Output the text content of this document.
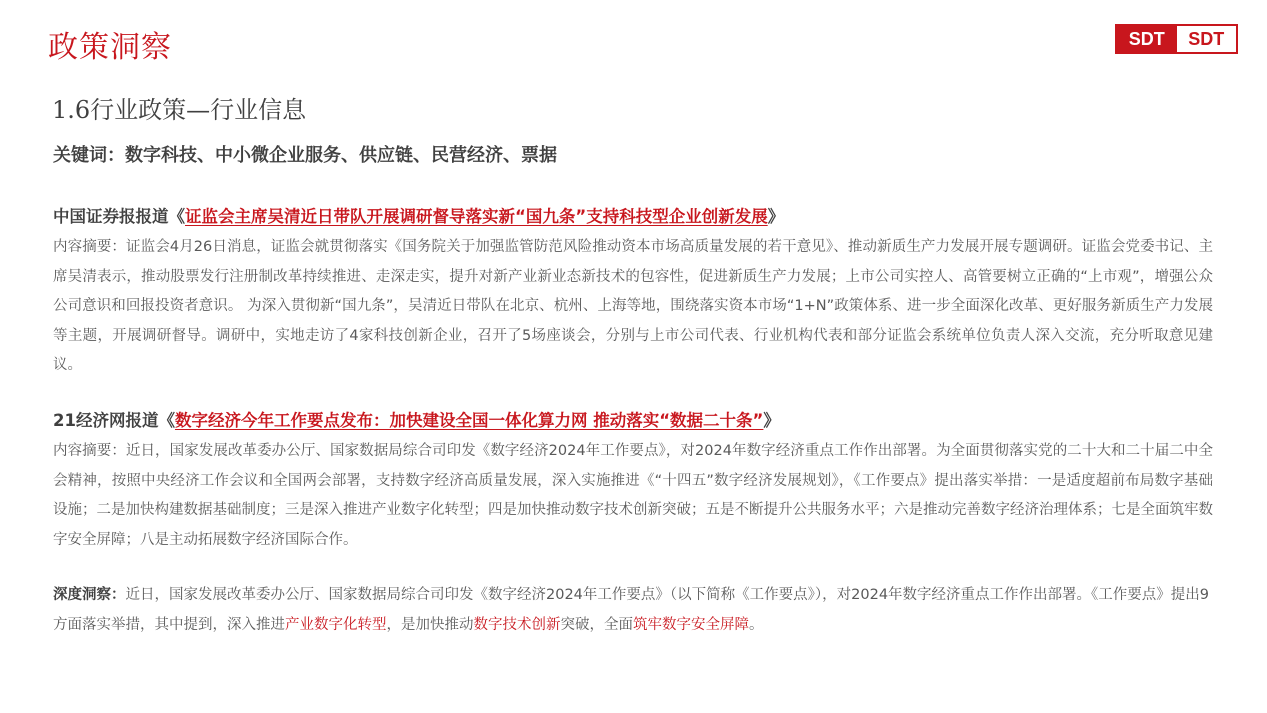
政策洞察	SDT	SDT
1.6行业政策—行业信息
关键词：数字科技、中小微企业服务、供应链、民营经济、票据
中国证券报报道《证监会主席吴清近日带队开展调研督导落实新“国九条”支持科技型企业创新发展》
内容摘要：证监会4月26日消息，证监会就贯彻落实《国务院关于加强监管防范风险推动资本市场高质量发展的若干意见》、推动新质生产力发展开展专题调研。证监会党委书记、主席吴清表示，推动股票发行注册制改革持续推进、走深走实，提升对新产业新业态新技术的包容性，促进新质生产力发展；上市公司实控人、高管要树立正确的“上市观”，增强公众公司意识和回报投资者意识。 为深入贯彻新“国九条”，吴清近日带队在北京、杭州、上海等地，围绕落实资本市场“1+N”政策体系、进一步全面深化改革、更好服务新质生产力发展等主题，开展调研督导。调研中，实地走访了4家科技创新企业，召开了5场座谈会，分别与上市公司代表、行业机构代表和部分证监会系统单位负责人深入交流，充分听取意见建议。
21经济网报道《数字经济今年工作要点发布：加快建设全国一体化算力网 推动落实“数据二十条”》
内容摘要：近日，国家发展改革委办公厅、国家数据局综合司印发《数字经济2024年工作要点》，对2024年数字经济重点工作作出部署。为全面贯彻落实党的二十大和二十届二中全会精神，按照中央经济工作会议和全国两会部署，支持数字经济高质量发展，深入实施推进《“十四五”数字经济发展规划》，《工作要点》提出落实举措：一是适度超前布局数字基础设施；二是加快构建数据基础制度；三是深入推进产业数字化转型；四是加快推动数字技术创新突破；五是不断提升公共服务水平；六是推动完善数字经济治理体系；七是全面筑牢数字安全屏障；八是主动拓展数字经济国际合作。
深度洞察：近日，国家发展改革委办公厅、国家数据局综合司印发《数字经济2024年工作要点》（以下简称《工作要点》），对2024年数字经济重点工作作出部署。《工作要点》提出9方面落实举措，其中提到，深入推进产业数字化转型，是加快推动数字技术创新突破，全面筑牢数字安全屏障。
